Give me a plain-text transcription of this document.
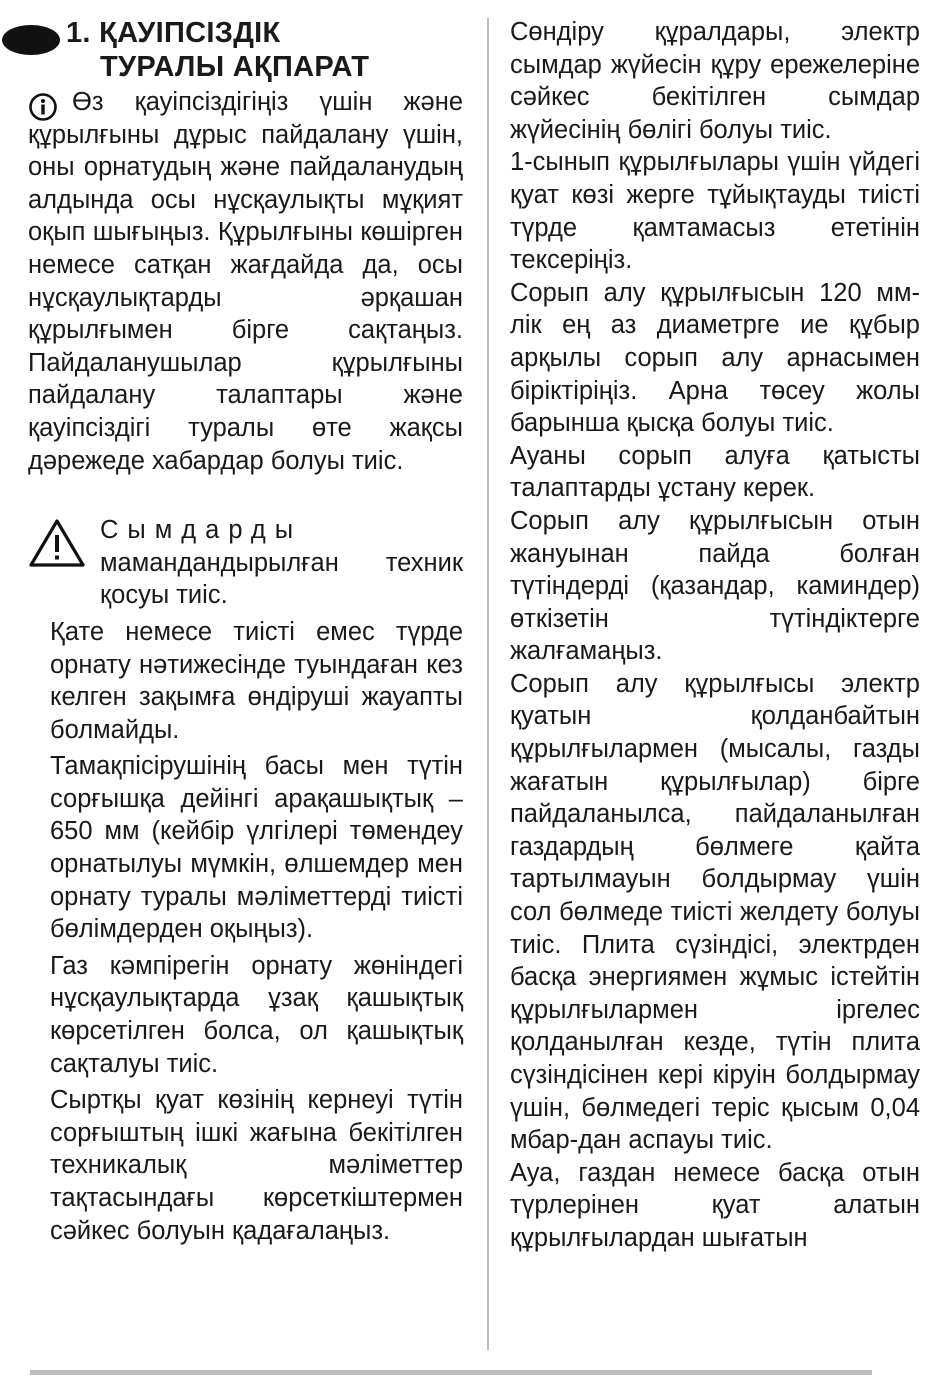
1. ҚАУІПСІЗДІК
ТУРАЛЫ АҚПАРАТ

Өз қауіпсіздігіңіз үшін және құрылғыны дұрыс пайдалану үшін, оны орнатудың және пайдаланудың алдында осы нұсқаулықты мұқият оқып шығыңыз. Құрылғыны көшірген немесе сатқан жағдайда да, осы нұсқаулықтарды әрқашан құрылғымен бірге сақтаңыз. Пайдаланушылар құрылғыны пайдалану талаптары және қауіпсіздігі туралы өте жақсы дәрежеде хабардар болуы тиіс.

Сымдарды мамандандырылған техник қосуы тиіс.

Қате немесе тиісті емес түрде орнату нәтижесінде туындаған кез келген зақымға өндіруші жауапты болмайды.

Тамақпісірушінің басы мен түтін сорғышқа дейінгі арақашықтық – 650 мм (кейбір үлгілері төмендеу орнатылуы мүмкін, өлшемдер мен орнату туралы мәліметтерді тиісті бөлімдерден оқыңыз).

Газ кәмпірегін орнату жөніндегі нұсқаулықтарда ұзақ қашықтық көрсетілген болса, ол қашықтық сақталуы тиіс.

Сыртқы қуат көзінің кернеуі түтін сорғыштың ішкі жағына бекітілген техникалық мәліметтер тақтасындағы көрсеткіштермен сәйкес болуын қадағалаңыз.

Сөндіру құралдары, электр сымдар жүйесін құру ережелеріне сәйкес бекітілген сымдар жүйесінің бөлігі болуы тиіс.

1-сынып құрылғылары үшін үйдегі қуат көзі жерге тұйықтауды тиісті түрде қамтамасыз ететінін тексеріңіз.

Сорып алу құрылғысын 120 мм-лік ең аз диаметрге ие құбыр арқылы сорып алу арнасымен біріктіріңіз. Арна төсеу жолы барынша қысқа болуы тиіс.

Ауаны сорып алуға қатысты талаптарды ұстану керек.

Сорып алу құрылғысын отын жануынан пайда болған түтіндерді (қазандар, каминдер) өткізетін түтіндіктерге жалғамаңыз.

Сорып алу құрылғысы электр қуатын қолданбайтын құрылғылармен (мысалы, газды жағатын құрылғылар) бірге пайдаланылса, пайдаланылған газдардың бөлмеге қайта тартылмауын болдырмау үшін сол бөлмеде тиісті желдету болуы тиіс. Плита сүзіндісі, электрден басқа энергиямен жұмыс істейтін құрылғылармен іргелес қолданылған кезде, түтін плита сүзіндісінен кері кіруін болдырмау үшін, бөлмедегі теріс қысым 0,04 мбар-дан аспауы тиіс.

Ауа, газдан немесе басқа отын түрлерінен қуат алатын құрылғылардан шығатын
